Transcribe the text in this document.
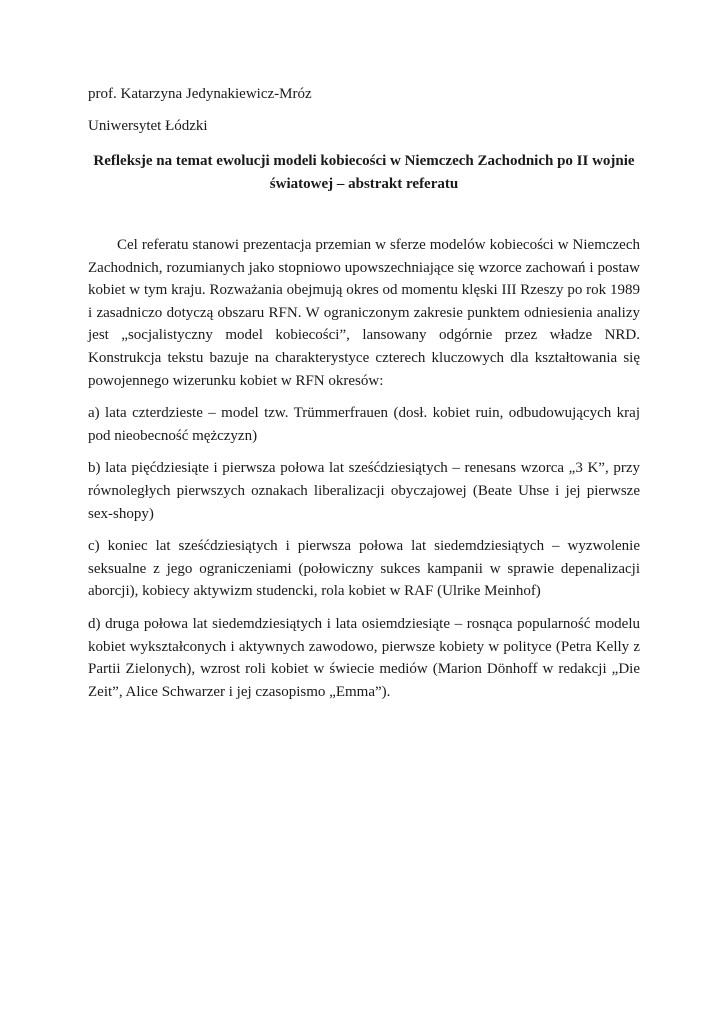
prof. Katarzyna Jedynakiewicz-Mróz

Uniwersytet Łódzki

Refleksje na temat ewolucji modeli kobiecości w Niemczech Zachodnich po II wojnie światowej – abstrakt referatu

Cel referatu stanowi prezentacja przemian w sferze modelów kobiecości w Niemczech Zachodnich, rozumianych jako stopniowo upowszechniające się wzorce zachowań i postaw kobiet w tym kraju. Rozważania obejmują okres od momentu klęski III Rzeszy po rok 1989 i zasadniczo dotyczą obszaru RFN. W ograniczonym zakresie punktem odniesienia analizy jest „socjalistyczny model kobiecości”, lansowany odgórnie przez władze NRD. Konstrukcja tekstu bazuje na charakterystyce czterech kluczowych dla kształtowania się powojennego wizerunku kobiet w RFN okresów:

a) lata czterdzieste – model tzw. Trümmerfrauen (dosł. kobiet ruin, odbudowujących kraj pod nieobecność mężczyzn)

b) lata pięćdziesiąte i pierwsza połowa lat sześćdziesiątych – renesans wzorca „3 K”, przy równoległych pierwszych oznakach liberalizacji obyczajowej (Beate Uhse i jej pierwsze sex-shopy)

c) koniec lat sześćdziesiątych i pierwsza połowa lat siedemdziesiątych – wyzwolenie seksualne z jego ograniczeniami (połowiczny sukces kampanii w sprawie depenalizacji aborcji), kobiecy aktywizm studencki, rola kobiet w RAF (Ulrike Meinhof)

d) druga połowa lat siedemdziesiątych i lata osiemdziesiąte – rosnąca popularność modelu kobiet wykształconych i aktywnych zawodowo, pierwsze kobiety w polityce (Petra Kelly z Partii Zielonych), wzrost roli kobiet w świecie mediów (Marion Dönhoff w redakcji „Die Zeit”, Alice Schwarzer i jej czasopismo „Emma”).
